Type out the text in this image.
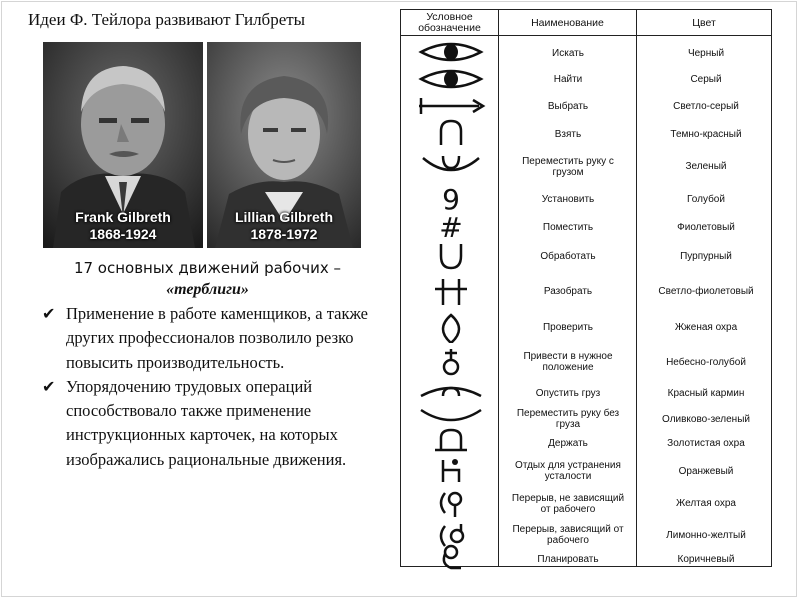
Идеи Ф. Тейлора развивают Гилбреты
Frank Gilbreth
1868-1924
Lillian Gilbreth
1878-1972
17 основных движений рабочих –
«терблиги»
✔ Применение в работе каменщиков, а также других профессионалов позволило резко повысить производительность.
✔ Упорядочению трудовых операций способствовало также применение инструкционных карточек, на которых изображались рациональные движения.
Условное обозначение	Наименование	Цвет
Искать	Черный
Найти	Серый
Выбрать	Светло-серый
Взять	Темно-красный
Переместить руку с грузом	Зеленый
9	Установить	Голубой
#	Поместить	Фиолетовый
Обработать	Пурпурный
Разобрать	Светло-фиолетовый
Проверить	Жженая охра
Привести в нужное положение	Небесно-голубой
Опустить груз	Красный кармин
Переместить руку без груза	Оливково-зеленый
Держать	Золотистая охра
Отдых для устранения усталости	Оранжевый
Перерыв, не зависящий от рабочего	Желтая охра
Перерыв, зависящий от рабочего	Лимонно-желтый
Планировать	Коричневый
